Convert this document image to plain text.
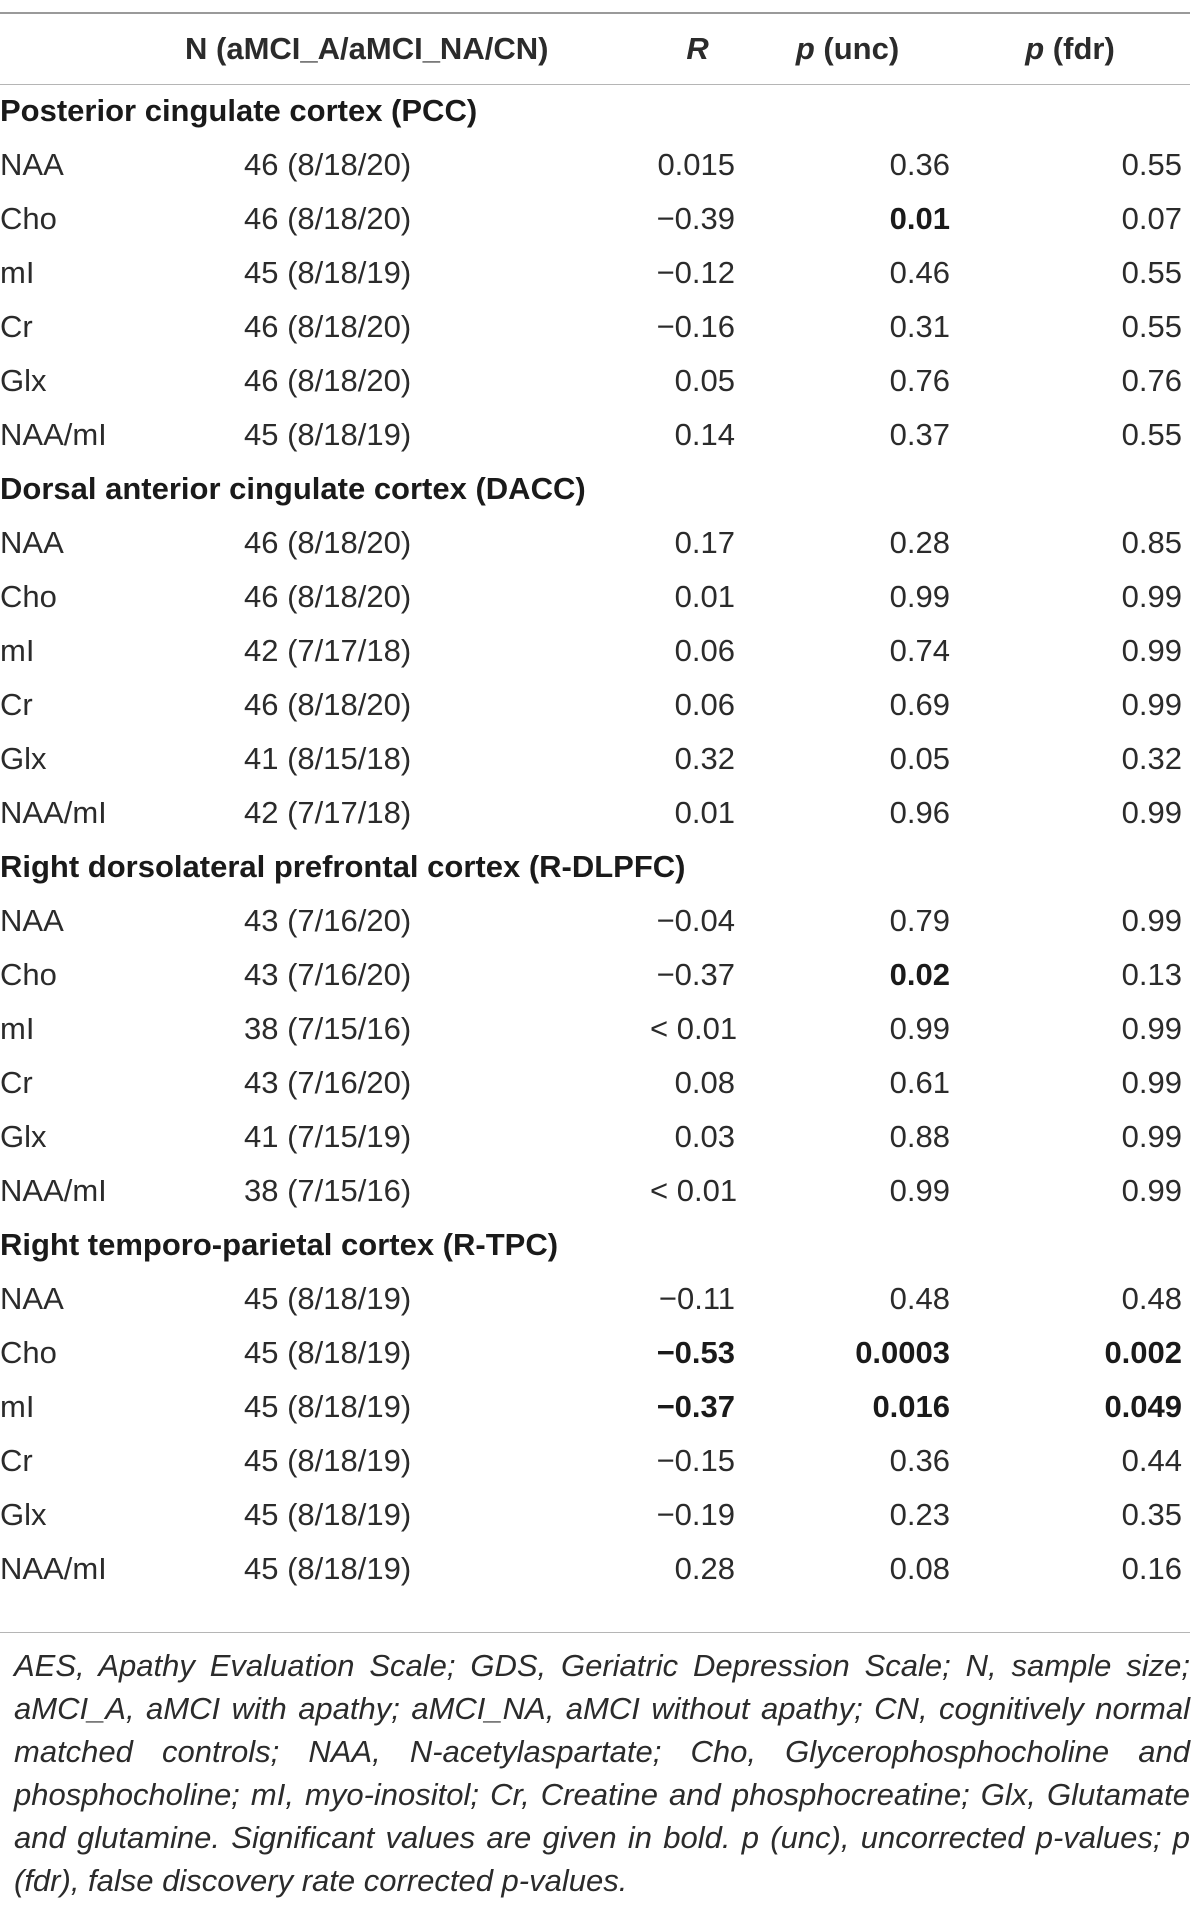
	N (aMCI_A/aMCI_NA/CN)		R	p (unc)	p (fdr)
Posterior cingulate cortex (PCC)					
NAA		46 (8/18/20)	0.015	0.36	0.55
Cho		46 (8/18/20)	−0.39	0.01	0.07
mI		45 (8/18/19)	−0.12	0.46	0.55
Cr		46 (8/18/20)	−0.16	0.31	0.55
Glx		46 (8/18/20)	0.05	0.76	0.76
NAA/mI		45 (8/18/19)	0.14	0.37	0.55
Dorsal anterior cingulate cortex (DACC)					
NAA		46 (8/18/20)	0.17	0.28	0.85
Cho		46 (8/18/20)	0.01	0.99	0.99
mI		42 (7/17/18)	0.06	0.74	0.99
Cr		46 (8/18/20)	0.06	0.69	0.99
Glx		41 (8/15/18)	0.32	0.05	0.32
NAA/mI		42 (7/17/18)	0.01	0.96	0.99
Right dorsolateral prefrontal cortex (R-DLPFC)					
NAA		43 (7/16/20)	−0.04	0.79	0.99
Cho		43 (7/16/20)	−0.37	0.02	0.13
mI		38 (7/15/16)	< 0.01	0.99	0.99
Cr		43 (7/16/20)	0.08	0.61	0.99
Glx		41 (7/15/19)	0.03	0.88	0.99
NAA/mI		38 (7/15/16)	< 0.01	0.99	0.99
Right temporo-parietal cortex (R-TPC)					
NAA		45 (8/18/19)	−0.11	0.48	0.48
Cho		45 (8/18/19)	−0.53	0.0003	0.002
mI		45 (8/18/19)	−0.37	0.016	0.049
Cr		45 (8/18/19)	−0.15	0.36	0.44
Glx		45 (8/18/19)	−0.19	0.23	0.35
NAA/mI		45 (8/18/19)	0.28	0.08	0.16
AES, Apathy Evaluation Scale; GDS, Geriatric Depression Scale; N, sample size; aMCI_A, aMCI with apathy; aMCI_NA, aMCI without apathy; CN, cognitively normal matched controls; NAA, N-acetylaspartate; Cho, Glycerophosphocholine and phosphocholine; mI, myo-inositol; Cr, Creatine and phosphocreatine; Glx, Glutamate and glutamine. Significant values are given in bold. p (unc), uncorrected p-values; p (fdr), false discovery rate corrected p-values.
